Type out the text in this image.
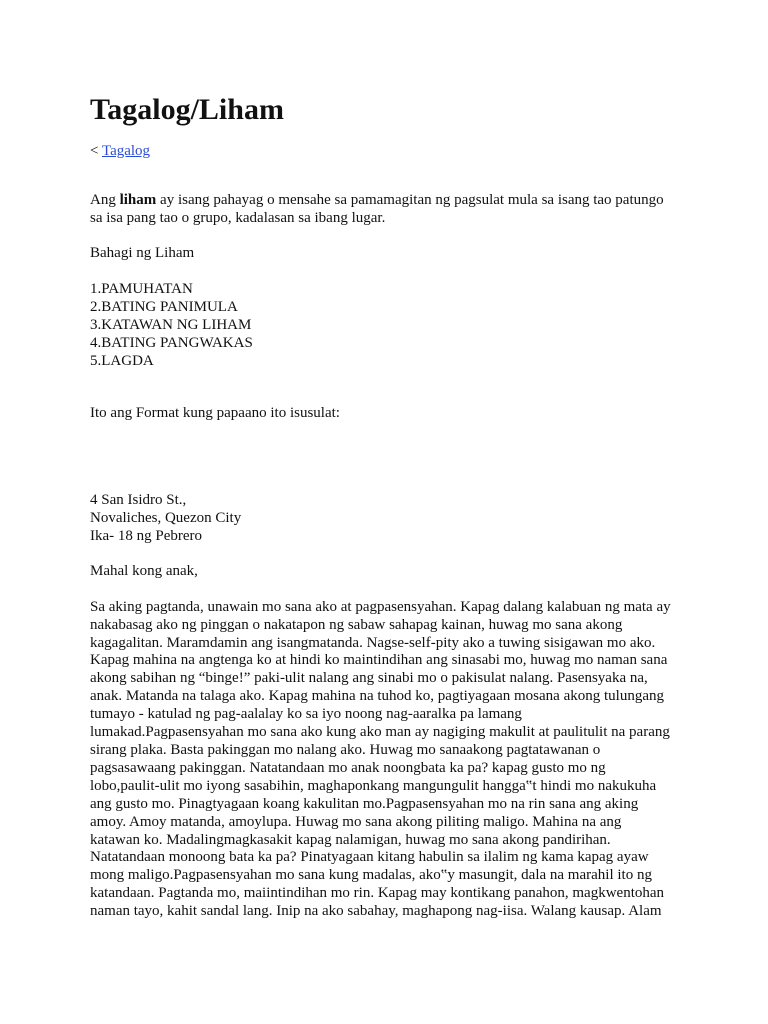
Tagalog/Liham
< Tagalog

Ang liham ay isang pahayag o mensahe sa pamamagitan ng pagsulat mula sa isang tao patungo
sa isa pang tao o grupo, kadalasan sa ibang lugar.

Bahagi ng Liham

1.PAMUHATAN
2.BATING PANIMULA
3.KATAWAN NG LIHAM
4.BATING PANGWAKAS
5.LAGDA

Ito ang Format kung papaano ito isusulat:

4 San Isidro St.,
Novaliches, Quezon City
Ika- 18 ng Pebrero

Mahal kong anak,

Sa aking pagtanda, unawain mo sana ako at pagpasensyahan. Kapag dalang kalabuan ng mata ay
nakabasag ako ng pinggan o nakatapon ng sabaw sahapag kainan, huwag mo sana akong
kagagalitan. Maramdamin ang isangmatanda. Nagse-self-pity ako a tuwing sisigawan mo ako.
Kapag mahina na angtenga ko at hindi ko maintindihan ang sinasabi mo, huwag mo naman sana
akong sabihan ng “binge!” paki-ulit nalang ang sinabi mo o pakisulat nalang. Pasensyaka na,
anak. Matanda na talaga ako. Kapag mahina na tuhod ko, pagtiyagaan mosana akong tulungang
tumayo - katulad ng pag-aalalay ko sa iyo noong nag-aaralka pa lamang
lumakad.Pagpasensyahan mo sana ako kung ako man ay nagiging makulit at paulitulit na parang
sirang plaka. Basta pakinggan mo nalang ako. Huwag mo sanaakong pagtatawanan o
pagsasawaang pakinggan. Natatandaan mo anak noongbata ka pa? kapag gusto mo ng
lobo,paulit-ulit mo iyong sasabihin, maghaponkang mangungulit hangga‟t hindi mo nakukuha
ang gusto mo. Pinagtyagaan koang kakulitan mo.Pagpasensyahan mo na rin sana ang aking
amoy. Amoy matanda, amoylupa. Huwag mo sana akong piliting maligo. Mahina na ang
katawan ko. Madalingmagkasakit kapag nalamigan, huwag mo sana akong pandirihan.
Natatandaan monoong bata ka pa? Pinatyagaan kitang habulin sa ilalim ng kama kapag ayaw
mong maligo.Pagpasensyahan mo sana kung madalas, ako‟y masungit, dala na marahil ito ng
katandaan. Pagtanda mo, maiintindihan mo rin. Kapag may kontikang panahon, magkwentohan
naman tayo, kahit sandal lang. Inip na ako sabahay, maghapong nag-iisa. Walang kausap. Alam
